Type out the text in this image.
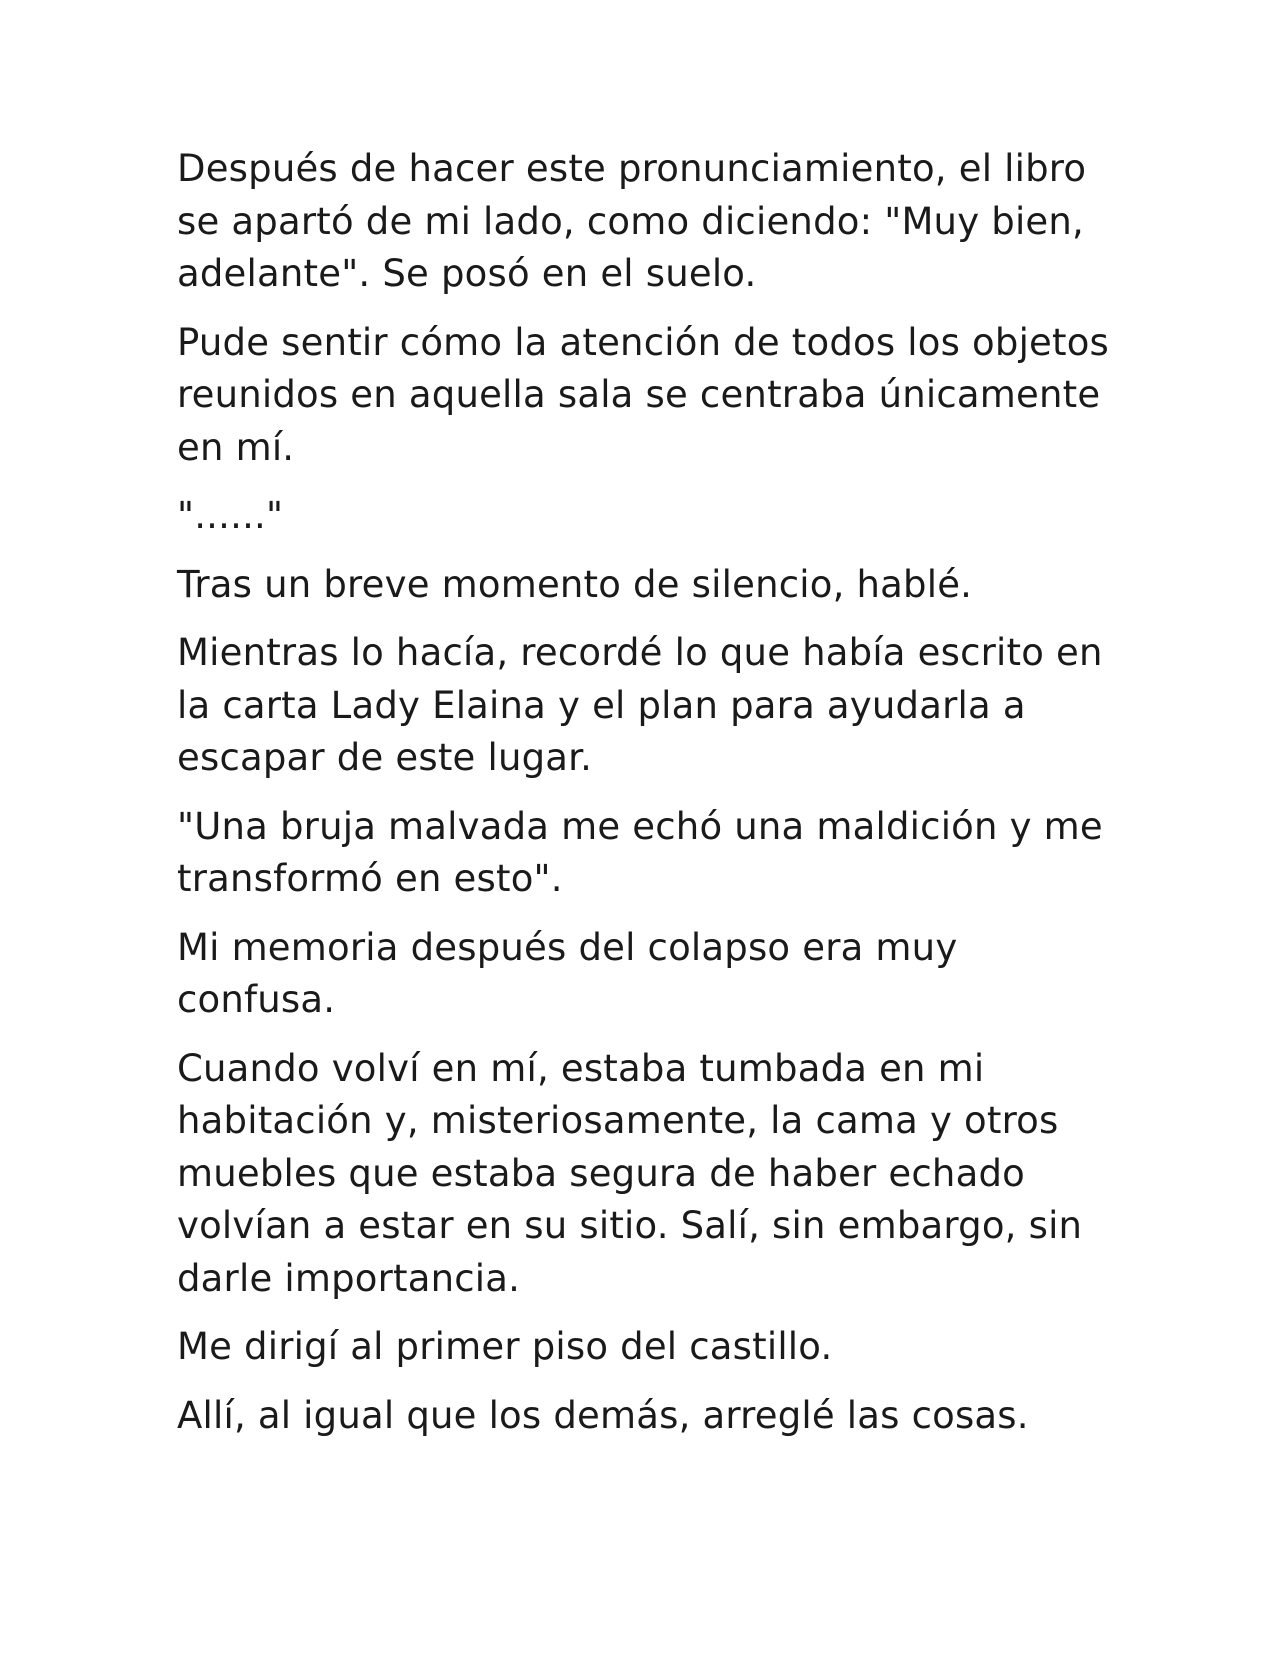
Después de hacer este pronunciamiento, el libro se apartó de mi lado, como diciendo: "Muy bien, adelante". Se posó en el suelo.

Pude sentir cómo la atención de todos los objetos reunidos en aquella sala se centraba únicamente en mí.

"......"

Tras un breve momento de silencio, hablé.

Mientras lo hacía, recordé lo que había escrito en la carta Lady Elaina y el plan para ayudarla a escapar de este lugar.

"Una bruja malvada me echó una maldición y me transformó en esto".

Mi memoria después del colapso era muy confusa.

Cuando volví en mí, estaba tumbada en mi habitación y, misteriosamente, la cama y otros muebles que estaba segura de haber echado volvían a estar en su sitio. Salí, sin embargo, sin darle importancia.

Me dirigí al primer piso del castillo.

Allí, al igual que los demás, arreglé las cosas.
